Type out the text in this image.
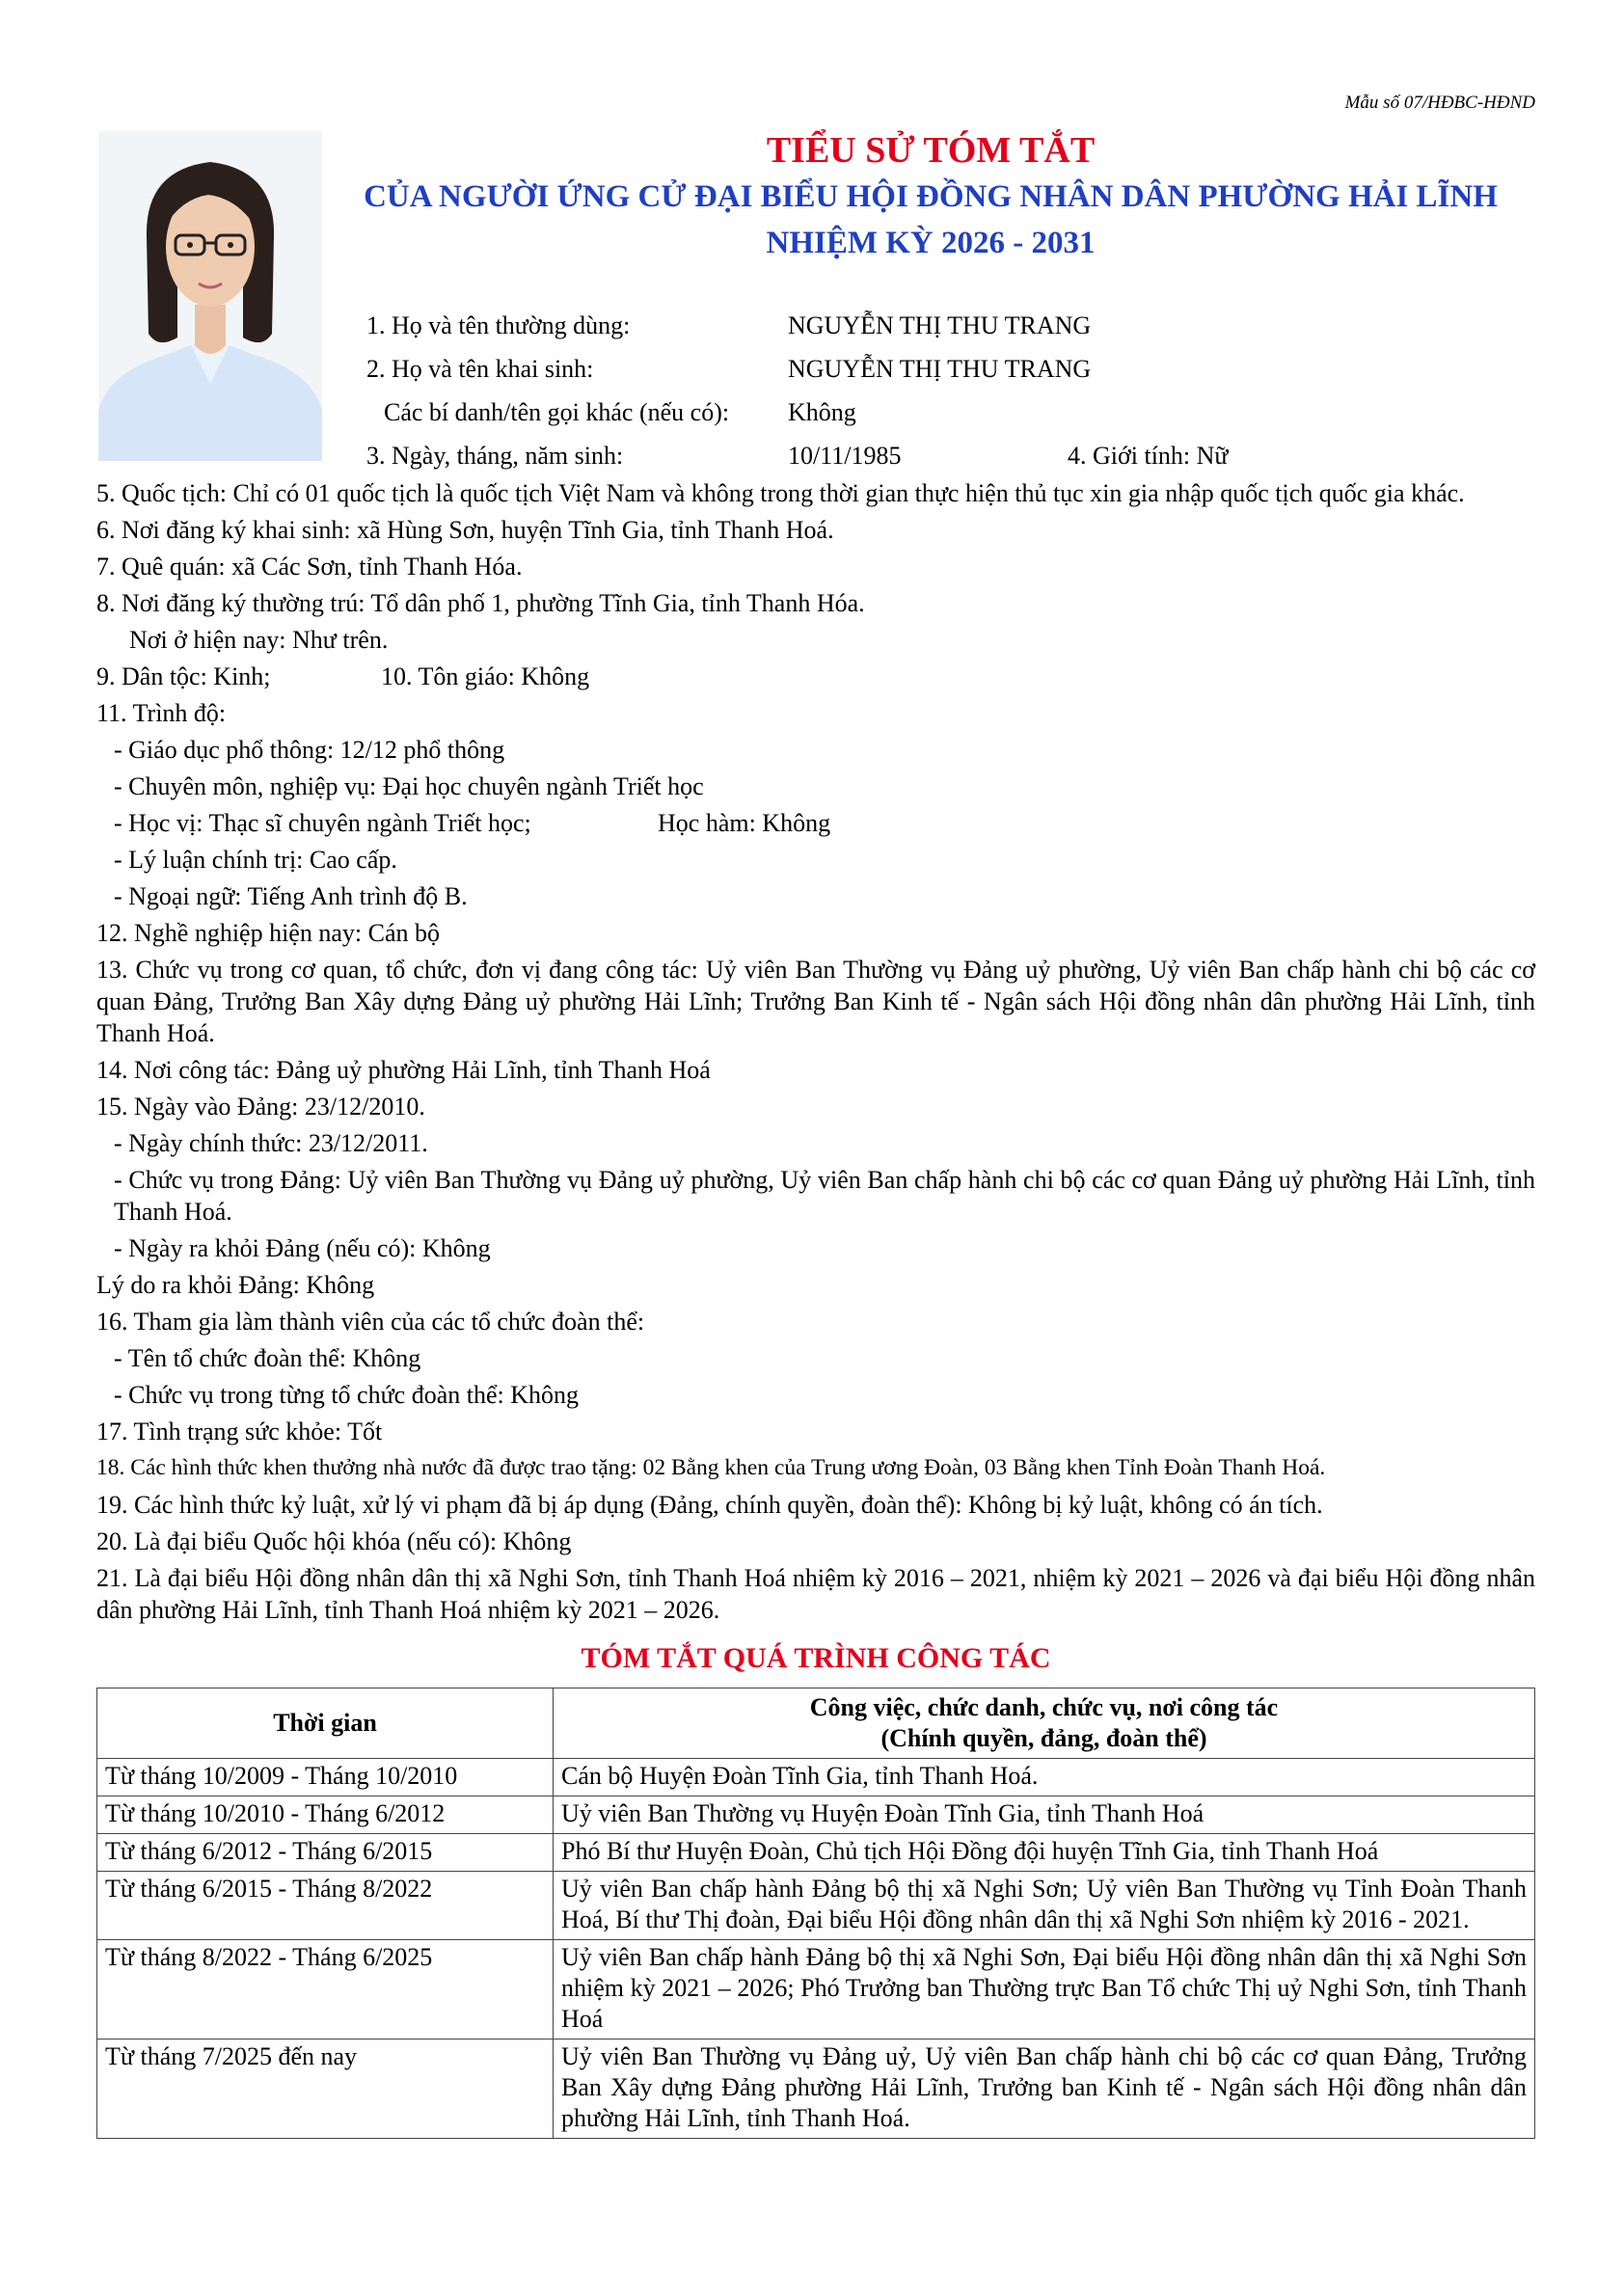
Mẫu số 07/HĐBC-HĐND
TIỂU SỬ TÓM TẮT
CỦA NGƯỜI ỨNG CỬ ĐẠI BIỂU HỘI ĐỒNG NHÂN DÂN PHƯỜNG HẢI LĨNH
NHIỆM KỲ 2026 - 2031
1. Họ và tên thường dùng:	NGUYỄN THỊ THU TRANG
2. Họ và tên khai sinh:	NGUYỄN THỊ THU TRANG
Các bí danh/tên gọi khác (nếu có): Không
3. Ngày, tháng, năm sinh:	10/11/1985	4. Giới tính: Nữ
5. Quốc tịch: Chỉ có 01 quốc tịch là quốc tịch Việt Nam và không trong thời gian thực hiện thủ tục xin gia nhập quốc tịch quốc gia khác.
6. Nơi đăng ký khai sinh: xã Hùng Sơn, huyện Tĩnh Gia, tỉnh Thanh Hoá.
7. Quê quán: xã Các Sơn, tỉnh Thanh Hóa.
8. Nơi đăng ký thường trú: Tổ dân phố 1, phường Tĩnh Gia, tỉnh Thanh Hóa.
Nơi ở hiện nay: Như trên.
9. Dân tộc: Kinh;	10. Tôn giáo: Không
11. Trình độ:
- Giáo dục phổ thông: 12/12 phổ thông
- Chuyên môn, nghiệp vụ: Đại học chuyên ngành Triết học
- Học vị: Thạc sĩ chuyên ngành Triết học;	Học hàm: Không
- Lý luận chính trị: Cao cấp.
- Ngoại ngữ: Tiếng Anh trình độ B.
12. Nghề nghiệp hiện nay: Cán bộ
13. Chức vụ trong cơ quan, tổ chức, đơn vị đang công tác: Uỷ viên Ban Thường vụ Đảng uỷ phường, Uỷ viên Ban chấp hành chi bộ các cơ quan Đảng, Trưởng Ban Xây dựng Đảng uỷ phường Hải Lĩnh; Trưởng Ban Kinh tế - Ngân sách Hội đồng nhân dân phường Hải Lĩnh, tỉnh Thanh Hoá.
14. Nơi công tác: Đảng uỷ phường Hải Lĩnh, tỉnh Thanh Hoá
15. Ngày vào Đảng: 23/12/2010.
- Ngày chính thức: 23/12/2011.
- Chức vụ trong Đảng: Uỷ viên Ban Thường vụ Đảng uỷ phường, Uỷ viên Ban chấp hành chi bộ các cơ quan Đảng uỷ phường Hải Lĩnh, tỉnh Thanh Hoá.
- Ngày ra khỏi Đảng (nếu có): Không
Lý do ra khỏi Đảng: Không
16. Tham gia làm thành viên của các tổ chức đoàn thể:
- Tên tổ chức đoàn thể: Không
- Chức vụ trong từng tổ chức đoàn thể: Không
17. Tình trạng sức khỏe: Tốt
18. Các hình thức khen thưởng nhà nước đã được trao tặng: 02 Bằng khen của Trung ương Đoàn, 03 Bằng khen Tỉnh Đoàn Thanh Hoá.
19. Các hình thức kỷ luật, xử lý vi phạm đã bị áp dụng (Đảng, chính quyền, đoàn thể): Không bị kỷ luật, không có án tích.
20. Là đại biểu Quốc hội khóa (nếu có): Không
21. Là đại biểu Hội đồng nhân dân thị xã Nghi Sơn, tỉnh Thanh Hoá nhiệm kỳ 2016 – 2021, nhiệm kỳ 2021 – 2026 và đại biểu Hội đồng nhân dân phường Hải Lĩnh, tỉnh Thanh Hoá nhiệm kỳ 2021 – 2026.
TÓM TẮT QUÁ TRÌNH CÔNG TÁC
Thời gian	Công việc, chức danh, chức vụ, nơi công tác
(Chính quyền, đảng, đoàn thể)

Từ tháng 10/2009 - Tháng 10/2010	Cán bộ Huyện Đoàn Tĩnh Gia, tỉnh Thanh Hoá.
Từ tháng 10/2010 - Tháng 6/2012	Uỷ viên Ban Thường vụ Huyện Đoàn Tĩnh Gia, tỉnh Thanh Hoá
Từ tháng 6/2012 - Tháng 6/2015	Phó Bí thư Huyện Đoàn, Chủ tịch Hội Đồng đội huyện Tĩnh Gia, tỉnh Thanh Hoá
Từ tháng 6/2015 - Tháng 8/2022	Uỷ viên Ban chấp hành Đảng bộ thị xã Nghi Sơn; Uỷ viên Ban Thường vụ Tỉnh Đoàn Thanh Hoá, Bí thư Thị đoàn, Đại biểu Hội đồng nhân dân thị xã Nghi Sơn nhiệm kỳ 2016 - 2021.
Từ tháng 8/2022 - Tháng 6/2025	Uỷ viên Ban chấp hành Đảng bộ thị xã Nghi Sơn, Đại biểu Hội đồng nhân dân thị xã Nghi Sơn nhiệm kỳ 2021 – 2026; Phó Trưởng ban Thường trực Ban Tổ chức Thị uỷ Nghi Sơn, tỉnh Thanh Hoá
Từ tháng 7/2025 đến nay	Uỷ viên Ban Thường vụ Đảng uỷ, Uỷ viên Ban chấp hành chi bộ các cơ quan Đảng, Trưởng Ban Xây dựng Đảng phường Hải Lĩnh, Trưởng ban Kinh tế - Ngân sách Hội đồng nhân dân phường Hải Lĩnh, tỉnh Thanh Hoá.
